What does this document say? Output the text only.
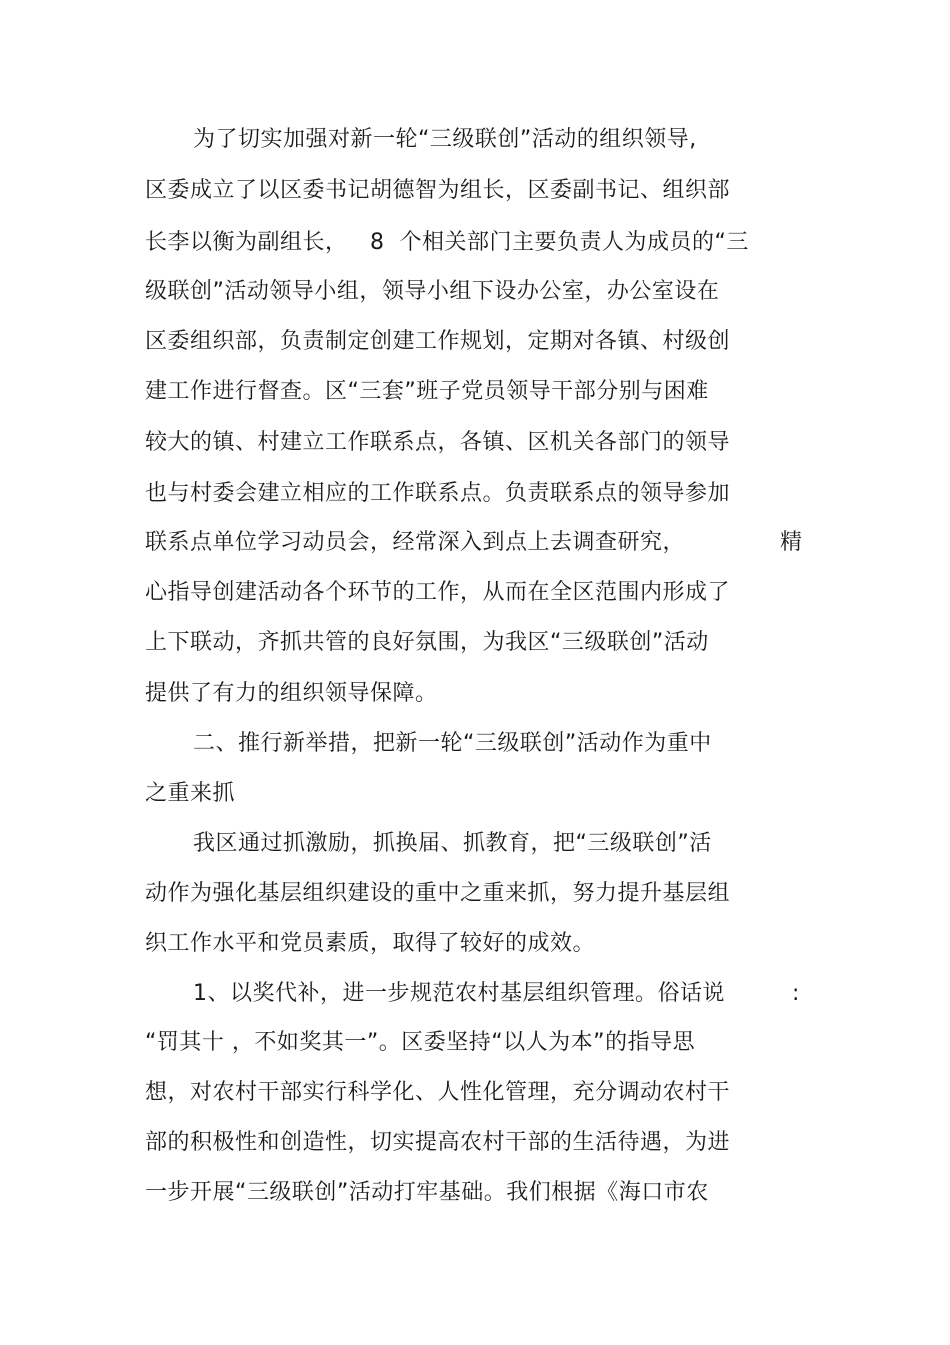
为了切实加强对新一轮“三级联创”活动的组织领导,
区委成立了以区委书记胡德智为组长，区委副书记、组织部
长李以衡为副组长， 8  个相关部门主要负责人为成员的“三
级联创”活动领导小组，领导小组下设办公室，办公室设在
区委组织部，负责制定创建工作规划，定期对各镇、村级创
建工作进行督查。区“三套”班子党员领导干部分别与困难
较大的镇、村建立工作联系点，各镇、区机关各部门的领导
也与村委会建立相应的工作联系点。负责联系点的领导参加
联系点单位学习动员会，经常深入到点上去调查研究，	精
心指导创建活动各个环节的工作，从而在全区范围内形成了
上下联动，齐抓共管的良好氛围，为我区“三级联创”活动
提供了有力的组织领导保障。
二、推行新举措，把新一轮“三级联创”活动作为重中
之重来抓
我区通过抓激励，抓换届、抓教育，把“三级联创”活
动作为强化基层组织建设的重中之重来抓，努力提升基层组
织工作水平和党员素质，取得了较好的成效。
1、以奖代补，进一步规范农村基层组织管理。俗话说	:
“罚其十 ，不如奖其一”。区委坚持“以人为本”的指导思
想，对农村干部实行科学化、人性化管理，充分调动农村干
部的积极性和创造性，切实提高农村干部的生活待遇，为进
一步开展“三级联创”活动打牢基础。我们根据《海口市农
